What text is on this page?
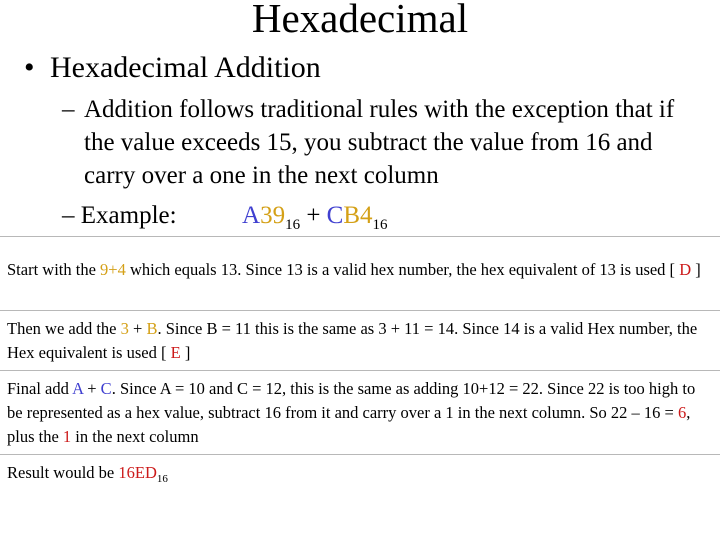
Hexadecimal
• Hexadecimal Addition
– Addition follows traditional rules with the exception that if the value exceeds 15, you subtract the value from 16 and carry over a one in the next column
– Example:	$A39_{16} + CB4_{16}$
Start with the 9+4 which equals 13. Since 13 is a valid hex number, the hex equivalent of 13 is used [ D ]
Then we add the 3 + B. Since B = 11 this is the same as 3 + 11 = 14. Since 14 is a valid Hex number, the Hex equivalent is used [ E ]
Final add A + C. Since A = 10 and C = 12, this is the same as adding 10+12 = 22. Since 22 is too high to be represented as a hex value, subtract 16 from it and carry over a 1 in the next column. So 22 – 16 = 6, plus the 1 in the next column
Result would be $16ED_{16}$
